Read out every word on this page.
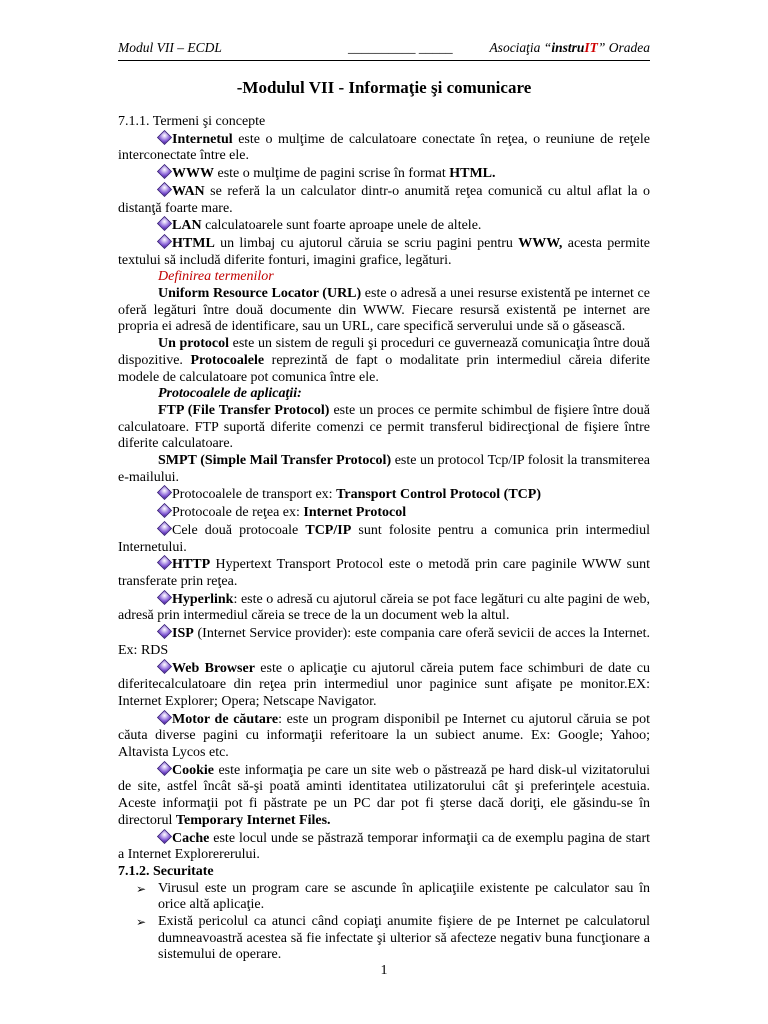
Modul VII – ECDL	__________ _____	Asociaţia “instruIT” Oradea
-Modulul VII - Informaţie şi comunicare

7.1.1. Termeni şi concepte

Internetul este o mulţime de calculatoare conectate în reţea, o reuniune de reţele interconectate între ele.

WWW este o mulţime de pagini scrise în format HTML.

WAN se referă la un calculator dintr-o anumită reţea comunică cu altul aflat la o distanţă foarte mare.

LAN calculatoarele sunt foarte aproape unele de altele.

HTML un limbaj cu ajutorul căruia se scriu pagini pentru WWW, acesta permite textului să includă diferite fonturi, imagini grafice, legături.

Definirea termenilor

Uniform Resource Locator (URL) este o adresă a unei resurse existentă pe internet ce oferă legături între două documente din WWW. Fiecare resursă existentă pe internet are propria ei adresă de identificare, sau un URL, care specifică serverului unde să o găsească.

Un protocol este un sistem de reguli şi proceduri ce guvernează comunicaţia între două dispozitive. Protocoalele reprezintă de fapt o modalitate prin intermediul căreia diferite modele de calculatoare pot comunica între ele.

Protocoalele de aplicaţii:

FTP (File Transfer Protocol) este un proces ce permite schimbul de fişiere între două calculatoare. FTP suportă diferite comenzi ce permit transferul bidirecţional de fişiere între diferite calculatoare.

SMPT (Simple Mail Transfer Protocol) este un protocol Tcp/IP folosit la transmiterea e-mailului.

Protocoalele de transport ex: Transport Control Protocol (TCP)

Protocoale de reţea ex: Internet Protocol

Cele două protocoale TCP/IP sunt folosite pentru a comunica prin intermediul Internetului.

HTTP Hypertext Transport Protocol este o metodă prin care paginile WWW sunt transferate prin reţea.

Hyperlink: este o adresă cu ajutorul căreia se pot face legături cu alte pagini de web, adresă prin intermediul căreia se trece de la un document web la altul.

ISP (Internet Service provider): este compania care oferă sevicii de acces la Internet. Ex: RDS

Web Browser este o aplicaţie cu ajutorul căreia putem face schimburi de date cu diferitecalculatoare din reţea prin intermediul unor paginice sunt afişate pe monitor.EX: Internet Explorer; Opera; Netscape Navigator.

Motor de căutare: este un program disponibil pe Internet cu ajutorul căruia se pot căuta diverse pagini cu informaţii referitoare la un subiect anume. Ex: Google; Yahoo; Altavista Lycos etc.

Cookie este informaţia pe care un site web o păstrează pe hard disk-ul vizitatorului de site, astfel încât să-şi poată aminti identitatea utilizatorului cât şi preferinţele acestuia. Aceste informaţii pot fi păstrate pe un PC dar pot fi şterse dacă doriţi, ele găsindu-se în directorul Temporary Internet Files.

Cache este locul unde se păstrază temporar informaţii ca de exemplu pagina de start a Internet Explorererului.

7.1.2. Securitate

➢ Virusul este un program care se ascunde în aplicaţiile existente pe calculator sau în orice altă aplicaţie.
➢ Există pericolul ca atunci când copiaţi anumite fişiere de pe Internet pe calculatorul dumneavoastră acestea să fie infectate şi ulterior să afecteze negativ buna funcţionare a sistemului de operare.
1
